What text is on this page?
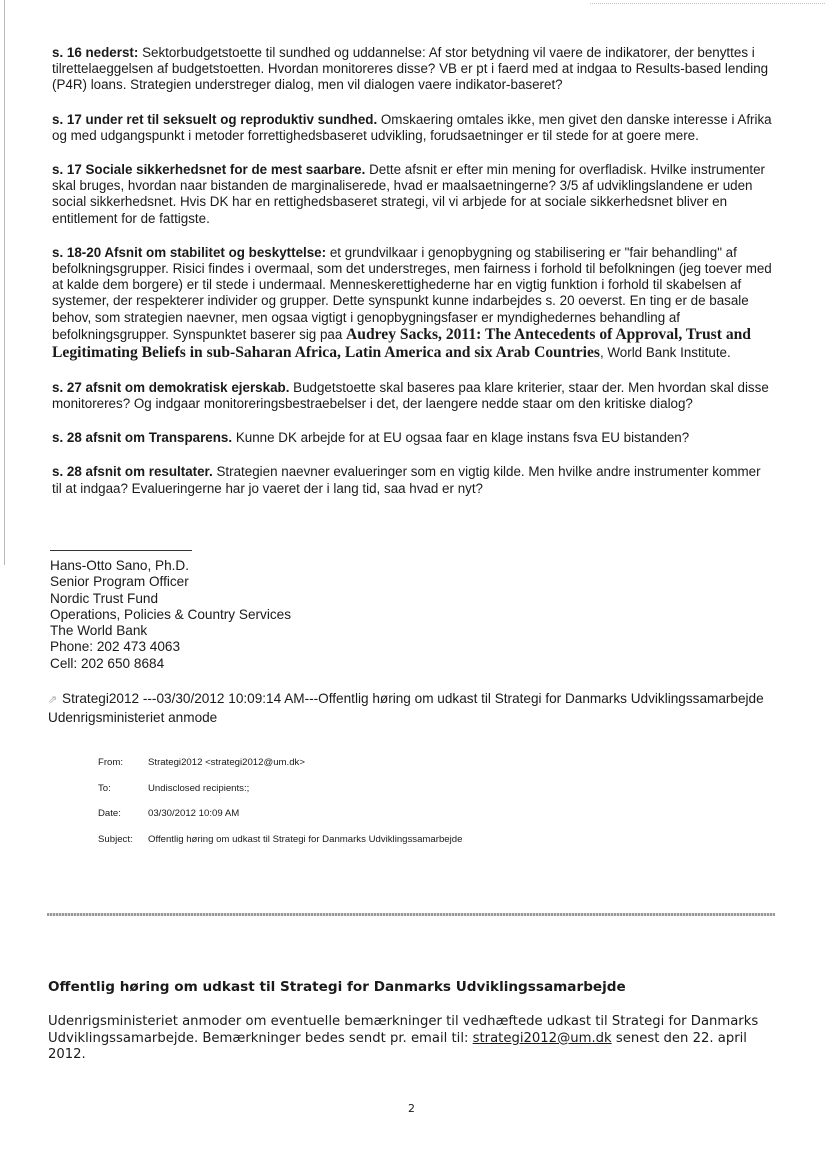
s. 16 nederst: Sektorbudgetstoette til sundhed og uddannelse: Af stor betydning vil vaere de indikatorer, der benyttes i tilrettelaeggelsen af budgetstoetten. Hvordan monitoreres disse? VB er pt i faerd med at indgaa to Results-based lending (P4R) loans. Strategien understreger dialog, men vil dialogen vaere indikator-baseret?

s. 17 under ret til seksuelt og reproduktiv sundhed. Omskaering omtales ikke, men givet den danske interesse i Afrika og med udgangspunkt i metoder forrettighedsbaseret udvikling, forudsaetninger er til stede for at goere mere.

s. 17 Sociale sikkerhedsnet for de mest saarbare. Dette afsnit er efter min mening for overfladisk. Hvilke instrumenter skal bruges, hvordan naar bistanden de marginaliserede, hvad er maalsaetningerne? 3/5 af udviklingslandene er uden social sikkerhedsnet. Hvis DK har en rettighedsbaseret strategi, vil vi arbjede for at sociale sikkerhedsnet bliver en entitlement for de fattigste.

s. 18-20 Afsnit om stabilitet og beskyttelse: et grundvilkaar i genopbygning og stabilisering er "fair behandling" af befolkningsgrupper. Risici findes i overmaal, som det understreges, men fairness i forhold til befolkningen (jeg toever med at kalde dem borgere) er til stede i undermaal. Menneskerettighederne har en vigtig funktion i forhold til skabelsen af systemer, der respekterer individer og grupper. Dette synspunkt kunne indarbejdes s. 20 oeverst. En ting er de basale behov, som strategien naevner, men ogsaa vigtigt i genopbygningsfaser er myndighedernes behandling af befolkningsgrupper. Synspunktet baserer sig paa Audrey Sacks, 2011: The Antecedents of Approval, Trust and Legitimating Beliefs in sub-Saharan Africa, Latin America and six Arab Countries, World Bank Institute.

s. 27 afsnit om demokratisk ejerskab. Budgetstoette skal baseres paa klare kriterier, staar der. Men hvordan skal disse monitoreres? Og indgaar monitoreringsbestraebelser i det, der laengere nedde staar om den kritiske dialog?

s. 28 afsnit om Transparens. Kunne DK arbejde for at EU ogsaa faar en klage instans fsva EU bistanden?

s. 28 afsnit om resultater. Strategien naevner evalueringer som en vigtig kilde. Men hvilke andre instrumenter kommer til at indgaa? Evalueringerne har jo vaeret der i lang tid, saa hvad er nyt?

Hans-Otto Sano, Ph.D.
Senior Program Officer
Nordic Trust Fund
Operations, Policies & Country Services
The World Bank
Phone: 202 473 4063
Cell: 202 650 8684
⇗ Strategi2012 ---03/30/2012 10:09:14 AM---Offentlig høring om udkast til Strategi for Danmarks Udviklingssamarbejde Udenrigsministeriet anmode
From:	Strategi2012 <strategi2012@um.dk>
To:	Undisclosed recipients:;
Date:	03/30/2012 10:09 AM
Subject:	Offentlig høring om udkast til Strategi for Danmarks Udviklingssamarbejde
Offentlig høring om udkast til Strategi for Danmarks Udviklingssamarbejde
Udenrigsministeriet anmoder om eventuelle bemærkninger til vedhæftede udkast til Strategi for Danmarks Udviklingssamarbejde. Bemærkninger bedes sendt pr. email til: strategi2012@um.dk senest den 22. april 2012.
2
